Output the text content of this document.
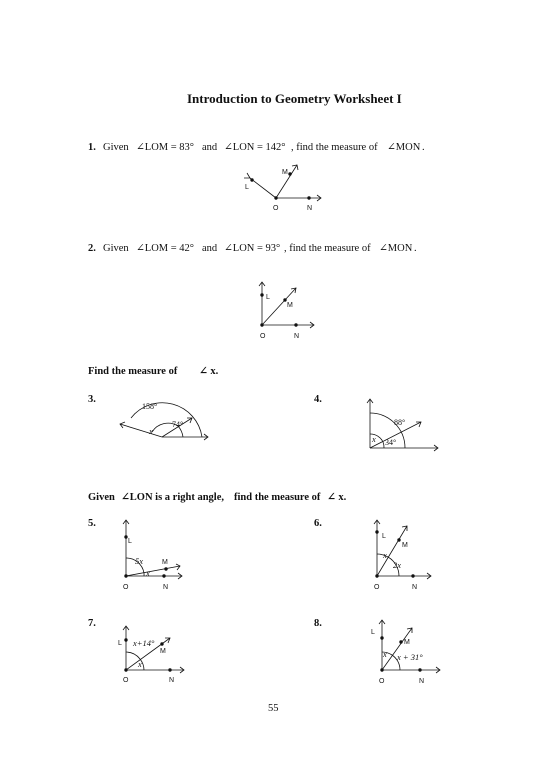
Introduction to Geometry Worksheet I
1. Given ∠LOM = 83° and ∠LON = 142° , find the measure of ∠MON .
L
M
O	N
2. Given ∠LOM = 42° and ∠LON = 93° , find the measure of ∠MON .
L
M
O	N
Find the measure of ∠ x.
3.
158°
74°
x
4.
88°
x 34°
Given ∠LON is a right angle, find the measure of ∠ x.
5.
L
M
O	N
5x
x
6.
L
M
O	N
x
2x
7.
L
M
O	N
x+14°
x
8.
L
M
O	N
x x + 31°
55
